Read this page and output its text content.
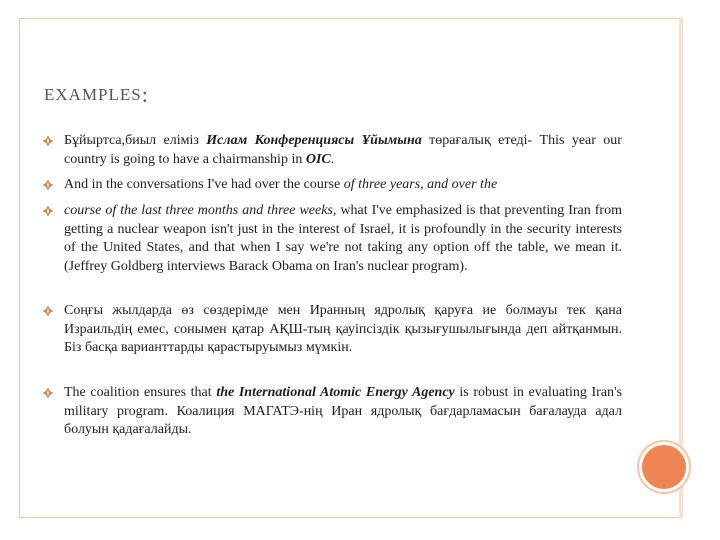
EXAMPLES:
Бұйыртса,биыл еліміз Ислам Конференциясы Ұйымына төрағалық етеді- This year our country is going to have a chairmanship in OIC.
And in the conversations I've had over the course of three years, and over the
course of the last three months and three weeks, what I've emphasized is that preventing Iran from getting a nuclear weapon isn't just in the interest of Israel, it is profoundly in the security interests of the United States, and that when I say we're not taking any option off the table, we mean it.(Jeffrey Goldberg interviews Barack Obama on Iran's nuclear program).
Соңғы жылдарда өз сөздерімде мен Иранның ядролық қаруға ие болмауы тек қана Израильдің емес, сонымен қатар АҚШ-тың қауіпсіздік қызығушылығында деп айтқанмын. Біз басқа варианттарды қарастыруымыз мүмкін.
The coalition ensures that the International Atomic Energy Agency is robust in evaluating Iran's military program. Коалиция МАГАТЭ-нің Иран ядролық бағдарламасын бағалауда адал болуын қадағалайды.
